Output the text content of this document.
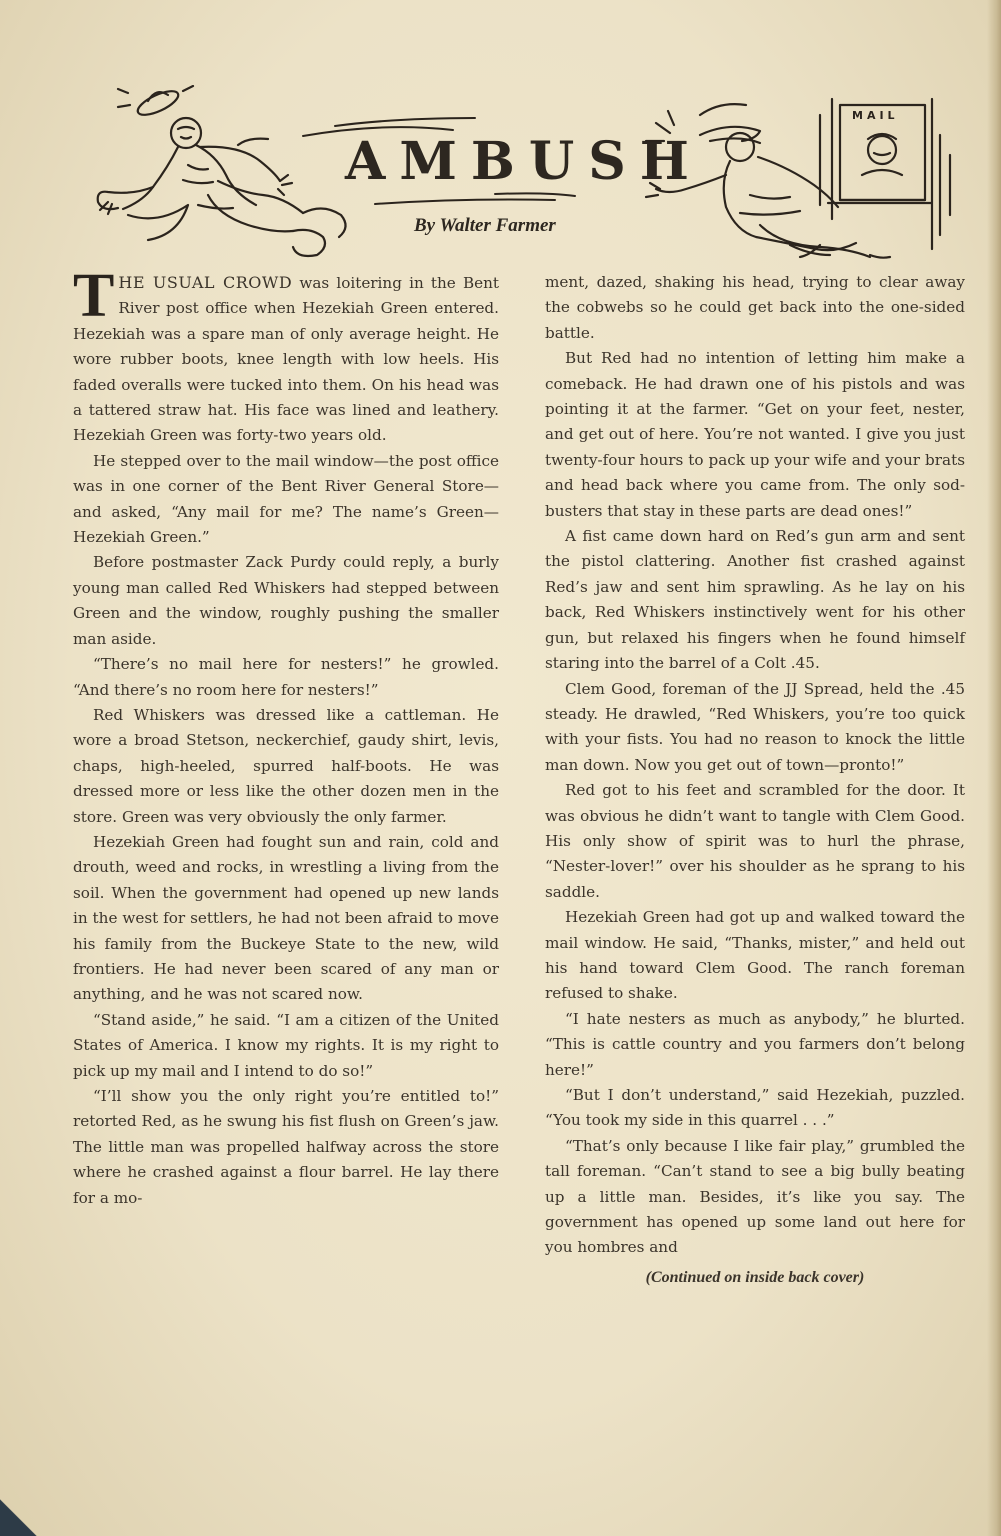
AMBUSH

By Walter Farmer

MAIL

THE USUAL CROWD was loitering in the Bent River post office when Hezekiah Green entered. Hezekiah was a spare man of only average height. He wore rubber boots, knee length with low heels. His faded overalls were tucked into them. On his head was a tattered straw hat. His face was lined and leathery. Hezekiah Green was forty-two years old.

He stepped over to the mail window—the post office was in one corner of the Bent River General Store—and asked, “Any mail for me? The name’s Green—Hezekiah Green.”

Before postmaster Zack Purdy could reply, a burly young man called Red Whiskers had stepped between Green and the window, roughly pushing the smaller man aside.

“There’s no mail here for nesters!” he growled. “And there’s no room here for nesters!”

Red Whiskers was dressed like a cattleman. He wore a broad Stetson, neckerchief, gaudy shirt, levis, chaps, high-heeled, spurred half-boots. He was dressed more or less like the other dozen men in the store. Green was very obviously the only farmer.

Hezekiah Green had fought sun and rain, cold and drouth, weed and rocks, in wrestling a living from the soil. When the government had opened up new lands in the west for settlers, he had not been afraid to move his family from the Buckeye State to the new, wild frontiers. He had never been scared of any man or anything, and he was not scared now.

“Stand aside,” he said. “I am a citizen of the United States of America. I know my rights. It is my right to pick up my mail and I intend to do so!”

“I’ll show you the only right you’re entitled to!” retorted Red, as he swung his fist flush on Green’s jaw. The little man was propelled halfway across the store where he crashed against a flour barrel. He lay there for a mo-

ment, dazed, shaking his head, trying to clear away the cobwebs so he could get back into the one-sided battle.

But Red had no intention of letting him make a comeback. He had drawn one of his pistols and was pointing it at the farmer. “Get on your feet, nester, and get out of here. You’re not wanted. I give you just twenty-four hours to pack up your wife and your brats and head back where you came from. The only sod-busters that stay in these parts are dead ones!”

A fist came down hard on Red’s gun arm and sent the pistol clattering. Another fist crashed against Red’s jaw and sent him sprawling. As he lay on his back, Red Whiskers instinctively went for his other gun, but relaxed his fingers when he found himself staring into the barrel of a Colt .45.

Clem Good, foreman of the JJ Spread, held the .45 steady. He drawled, “Red Whiskers, you’re too quick with your fists. You had no reason to knock the little man down. Now you get out of town—pronto!”

Red got to his feet and scrambled for the door. It was obvious he didn’t want to tangle with Clem Good. His only show of spirit was to hurl the phrase, “Nester-lover!” over his shoulder as he sprang to his saddle.

Hezekiah Green had got up and walked toward the mail window. He said, “Thanks, mister,” and held out his hand toward Clem Good. The ranch foreman refused to shake.

“I hate nesters as much as anybody,” he blurted. “This is cattle country and you farmers don’t belong here!”

“But I don’t understand,” said Hezekiah, puzzled. “You took my side in this quarrel . . .”

“That’s only because I like fair play,” grumbled the tall foreman. “Can’t stand to see a big bully beating up a little man. Besides, it’s like you say. The government has opened up some land out here for you hombres and

(Continued on inside back cover)
